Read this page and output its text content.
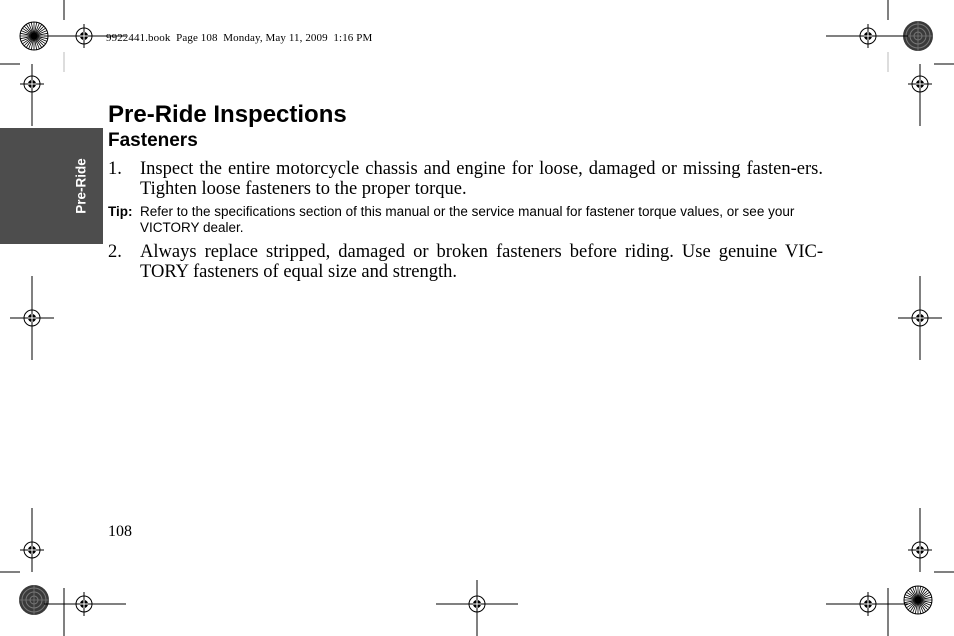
9922441.book  Page 108  Monday, May 11, 2009  1:16 PM
Pre-Ride
Pre-Ride Inspections
Fasteners
1. Inspect the entire motorcycle chassis and engine for loose, damaged or missing fasten-ers. Tighten loose fasteners to the proper torque.
Tip: Refer to the specifications section of this manual or the service manual for fastener torque values, or see your VICTORY dealer.
2. Always replace stripped, damaged or broken fasteners before riding. Use genuine VIC-TORY fasteners of equal size and strength.
108
